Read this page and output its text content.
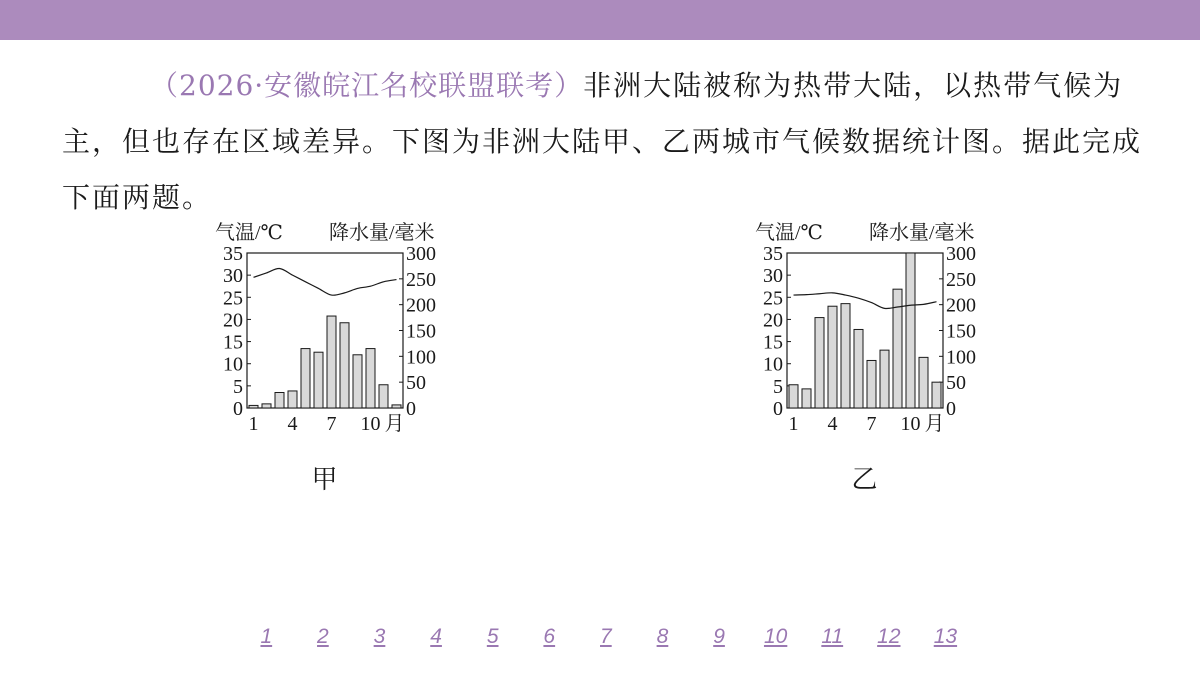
（2026·安徽皖江名校联盟联考）非洲大陆被称为热带大陆，以热带气候为主，但也存在区域差异。下图为非洲大陆甲、乙两城市气候数据统计图。据此完成下面两题。

气温/℃ 降水量/毫米
35
30
25
20
15
10
5
0
300
250
200
150
100
50
0
1 4 7 10 月
甲
气温/℃ 降水量/毫米
35
30
25
20
15
10
5
0
300
250
200
150
100
50
0
1 4 7 10 月
乙
1	2	3	4	5	6	7	8	9	10	11	12	13
